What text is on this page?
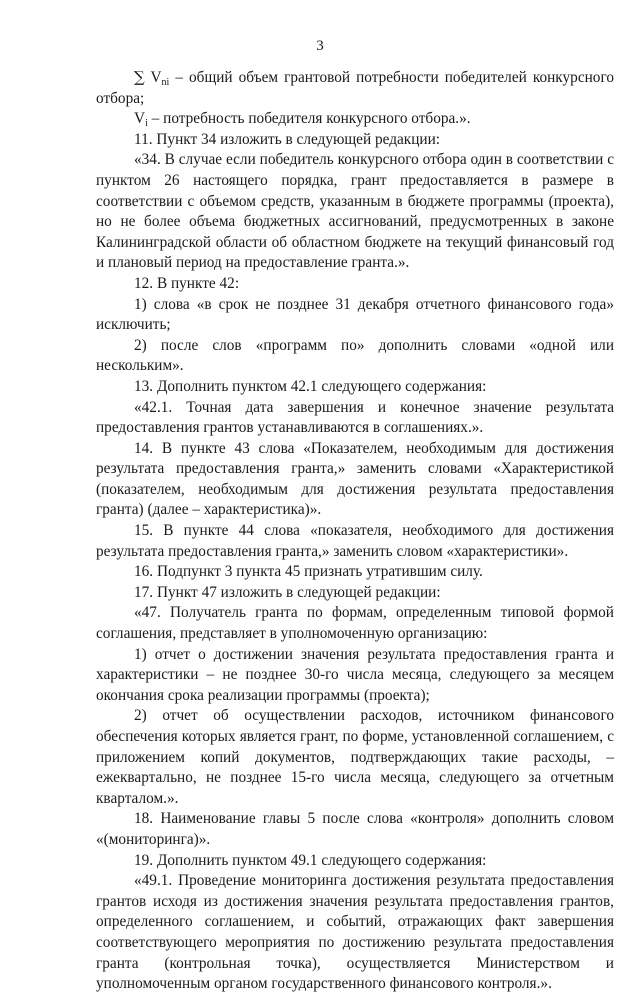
3

∑ $V_{ni}$ – общий объем грантовой потребности победителей конкурсного отбора;

$V_i$ – потребность победителя конкурсного отбора.».

11. Пункт 34 изложить в следующей редакции:

«34. В случае если победитель конкурсного отбора один в соответствии с пунктом 26 настоящего порядка, грант предоставляется в размере в соответствии с объемом средств, указанным в бюджете программы (проекта), но не более объема бюджетных ассигнований, предусмотренных в законе Калининградской области об областном бюджете на текущий финансовый год и плановый период на предоставление гранта.».

12. В пункте 42:

1) слова «в срок не позднее 31 декабря отчетного финансового года» исключить;

2) после слов «программ по» дополнить словами «одной или нескольким».

13. Дополнить пунктом 42.1 следующего содержания:

«42.1. Точная дата завершения и конечное значение результата предоставления грантов устанавливаются в соглашениях.».

14. В пункте 43 слова «Показателем, необходимым для достижения результата предоставления гранта,» заменить словами «Характеристикой (показателем, необходимым для достижения результата предоставления гранта) (далее – характеристика)».

15. В пункте 44 слова «показателя, необходимого для достижения результата предоставления гранта,» заменить словом «характеристики».

16. Подпункт 3 пункта 45 признать утратившим силу.

17. Пункт 47 изложить в следующей редакции:

«47. Получатель гранта по формам, определенным типовой формой соглашения, представляет в уполномоченную организацию:

1) отчет о достижении значения результата предоставления гранта и характеристики – не позднее 30-го числа месяца, следующего за месяцем окончания срока реализации программы (проекта);

2) отчет об осуществлении расходов, источником финансового обеспечения которых является грант, по форме, установленной соглашением, с приложением копий документов, подтверждающих такие расходы, – ежеквартально, не позднее 15-го числа месяца, следующего за отчетным кварталом.».

18. Наименование главы 5 после слова «контроля» дополнить словом «(мониторинга)».

19. Дополнить пунктом 49.1 следующего содержания:

«49.1. Проведение мониторинга достижения результата предоставления грантов исходя из достижения значения результата предоставления грантов, определенного соглашением, и событий, отражающих факт завершения соответствующего мероприятия по достижению результата предоставления гранта (контрольная точка), осуществляется Министерством и уполномоченным органом государственного финансового контроля.».
